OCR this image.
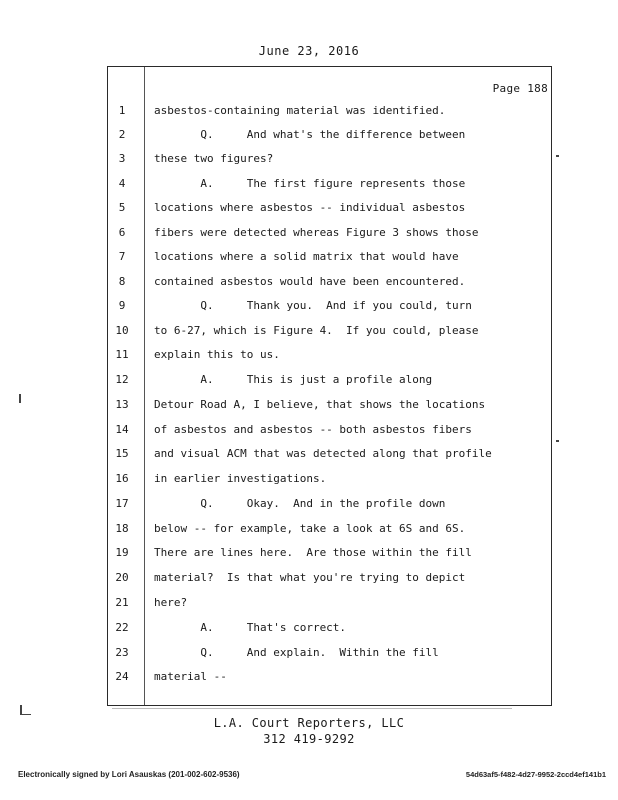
June 23, 2016
Page 188
1	asbestos-containing material was identified.
2	Q.     And what's the difference between
3	these two figures?
4	A.     The first figure represents those
5	locations where asbestos -- individual asbestos
6	fibers were detected whereas Figure 3 shows those
7	locations where a solid matrix that would have
8	contained asbestos would have been encountered.
9	Q.     Thank you.  And if you could, turn
10	to 6-27, which is Figure 4.  If you could, please
11	explain this to us.
12	A.     This is just a profile along
13	Detour Road A, I believe, that shows the locations
14	of asbestos and asbestos -- both asbestos fibers
15	and visual ACM that was detected along that profile
16	in earlier investigations.
17	Q.     Okay.  And in the profile down
18	below -- for example, take a look at 6S and 6S.
19	There are lines here.  Are those within the fill
20	material?  Is that what you're trying to depict
21	here?
22	A.     That's correct.
23	Q.     And explain.  Within the fill
24	material --
L.A. Court Reporters, LLC
312 419-9292
Electronically signed by Lori Asauskas (201-002-602-9536)	54d63af5-f482-4d27-9952-2ccd4ef141b1
